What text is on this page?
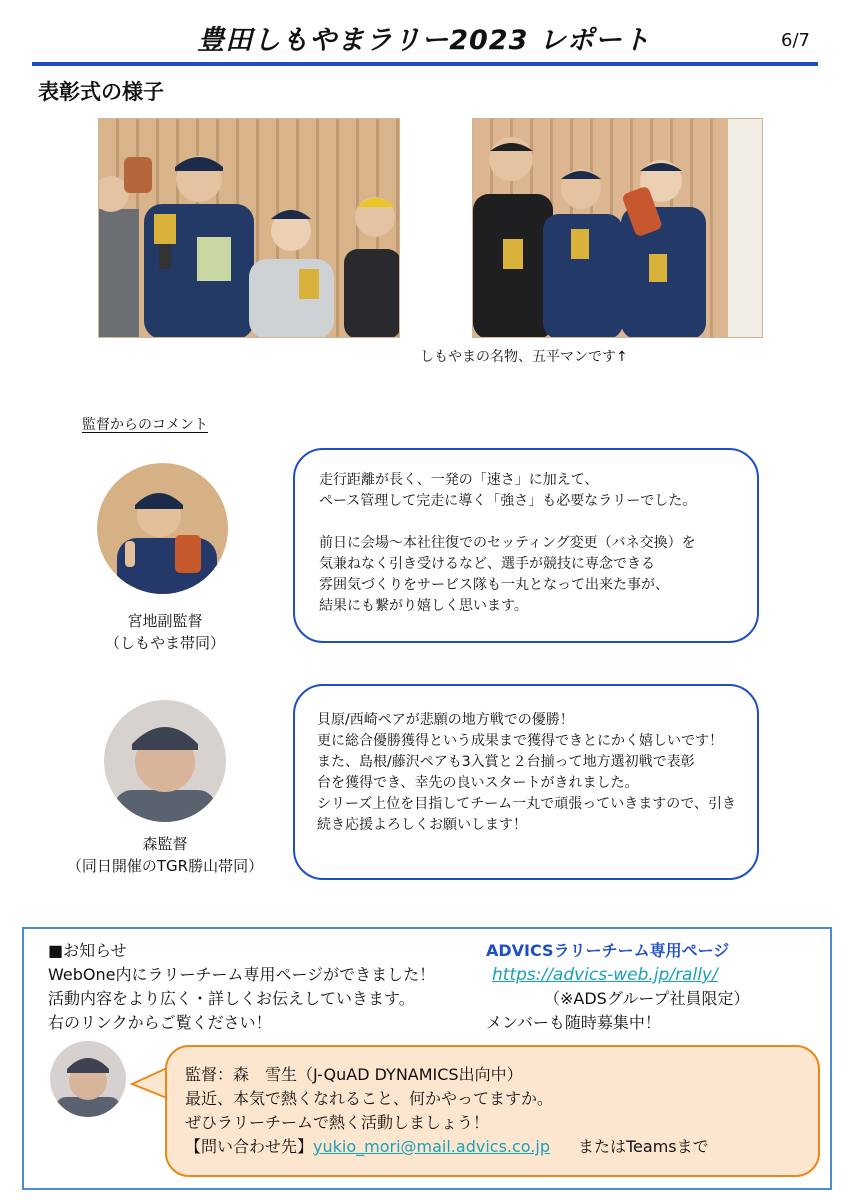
豊田しもやまラリー2023 レポート	6/7
表彰式の様子
しもやまの名物、五平マンです↑
監督からのコメント
宮地副監督
（しもやま帯同）

走行距離が長く、一発の「速さ」に加えて、

ペース管理して完走に導く「強さ」も必要なラリーでした。

前日に会場～本社往復でのセッティング変更（バネ交換）を

気兼ねなく引き受けるなど、選手が競技に専念できる

雰囲気づくりをサービス隊も一丸となって出来た事が、

結果にも繋がり嬉しく思います。

森監督
（同日開催のTGR勝山帯同）

貝原/西崎ペアが悲願の地方戦での優勝！

更に総合優勝獲得という成果まで獲得できとにかく嬉しいです！

また、島根/藤沢ペアも3入賞と２台揃って地方選初戦で表彰

台を獲得でき、幸先の良いスタートがきれました。

シリーズ上位を目指してチーム一丸で頑張っていきますので、引き

続き応援よろしくお願いします！

■お知らせ

WebOne内にラリーチーム専用ページができました！

活動内容をより広く・詳しくお伝えしていきます。

右のリンクからご覧ください！

ADVICSラリーチーム専用ページ
https://advics-web.jp/rally/
（※ADSグループ社員限定）
メンバーも随時募集中！

監督：森　雪生（J-QuAD DYNAMICS出向中）

最近、本気で熱くなれること、何かやってますか。

ぜひラリーチームで熱く活動しましょう！

【問い合わせ先】yukio_mori@mail.advics.co.jp またはTeamsまで
